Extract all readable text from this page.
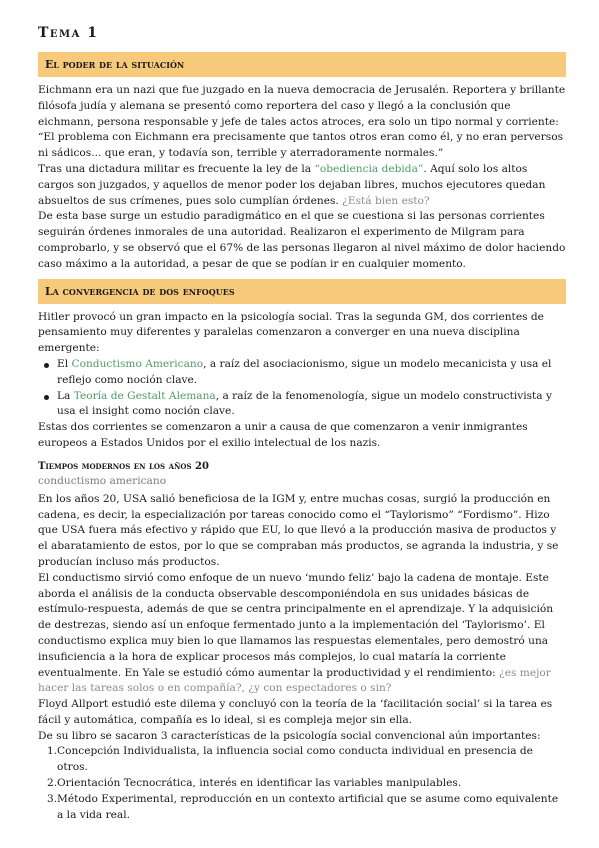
Tema 1
El poder de la situación

Eichmann era un nazi que fue juzgado en la nueva democracia de Jerusalén. Reportera y brillante filósofa judía y alemana se presentó como reportera del caso y llegó a la conclusión que eichmann, persona responsable y jefe de tales actos atroces, era solo un tipo normal y corriente: “El problema con Eichmann era precisamente que tantos otros eran como él, y no eran perversos ni sádicos... que eran, y todavía son, terrible y aterradoramente normales.”

Tras una dictadura militar es frecuente la ley de la “obediencia debida”. Aquí solo los altos cargos son juzgados, y aquellos de menor poder los dejaban libres, muchos ejecutores quedan absueltos de sus crímenes, pues solo cumplían órdenes. ¿Está bien esto?

De esta base surge un estudio paradigmático en el que se cuestiona si las personas corrientes seguirán órdenes inmorales de una autoridad. Realizaron el experimento de Milgram para comprobarlo, y se observó que el 67% de las personas llegaron al nivel máximo de dolor haciendo caso máximo a la autoridad, a pesar de que se podían ir en cualquier momento.

La convergencia de dos enfoques

Hitler provocó un gran impacto en la psicología social. Tras la segunda GM, dos corrientes de pensamiento muy diferentes y paralelas comenzaron a converger en una nueva disciplina emergente:

El Conductismo Americano, a raíz del asociacionismo, sigue un modelo mecanicista y usa el reflejo como noción clave.
La Teoría de Gestalt Alemana, a raíz de la fenomenología, sigue un modelo constructivista y usa el insight como noción clave.

Estas dos corrientes se comenzaron a unir a causa de que comenzaron a venir inmigrantes europeos a Estados Unidos por el exilio intelectual de los nazis.

Tiempos modernos en los años 20
conductismo americano

En los años 20, USA salió beneficiosa de la IGM y, entre muchas cosas, surgió la producción en cadena, es decir, la especialización por tareas conocido como el “Taylorismo” “Fordismo”. Hizo que USA fuera más efectivo y rápido que EU, lo que llevó a la producción masiva de productos y el abaratamiento de estos, por lo que se compraban más productos, se agranda la industria, y se producían incluso más productos.

El conductismo sirvió como enfoque de un nuevo ‘mundo feliz’ bajo la cadena de montaje. Este aborda el análisis de la conducta observable descomponiéndola en sus unidades básicas de estímulo-respuesta, además de que se centra principalmente en el aprendizaje. Y la adquisición de destrezas, siendo así un enfoque fermentado junto a la implementación del ‘Taylorismo’. El conductismo explica muy bien lo que llamamos las respuestas elementales, pero demostró una insuficiencia a la hora de explicar procesos más complejos, lo cual mataría la corriente eventualmente. En Yale se estudió cómo aumentar la productividad y el rendimiento: ¿es mejor hacer las tareas solos o en compañía?, ¿y con espectadores o sin?

Floyd Allport estudió este dilema y concluyó con la teoría de la ‘facilitación social’ si la tarea es fácil y automática, compañía es lo ideal, si es compleja mejor sin ella.

De su libro se sacaron 3 características de la psicología social convencional aún importantes:

1. Concepción Individualista, la influencia social como conducta individual en presencia de otros.
2. Orientación Tecnocrática, interés en identificar las variables manipulables.
3. Método Experimental, reproducción en un contexto artificial que se asume como equivalente a la vida real.
